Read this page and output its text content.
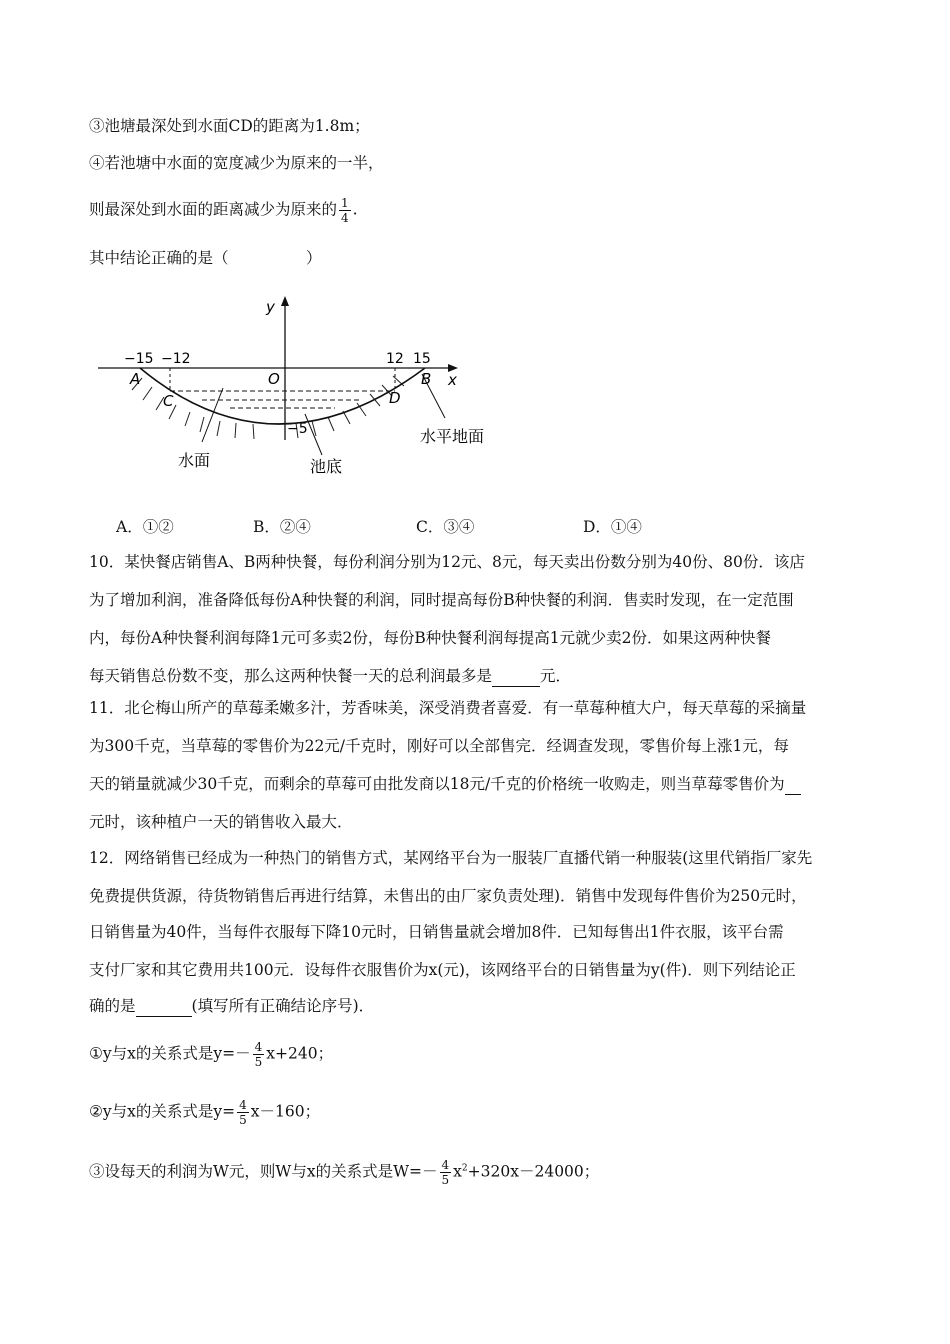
③池塘最深处到水面CD的距离为1.8m；
④若池塘中水面的宽度减少为原来的一半，
则最深处到水面的距离减少为原来的 $\frac{1}{4}$ .
其中结论正确的是（　　　　　）
y
x
−15 −12	12 15
A	B
C	D
O
−5
水面	池底
水平地面
A．①②	B．②④	C．③④	D．①④
10．某快餐店销售A、B两种快餐，每份利润分别为12元、8元，每天卖出份数分别为40份、80份．该店
为了增加利润，准备降低每份A种快餐的利润，同时提高每份B种快餐的利润．售卖时发现，在一定范围
内，每份A种快餐利润每降1元可多卖2份，每份B种快餐利润每提高1元就少卖2份．如果这两种快餐
每天销售总份数不变，那么这两种快餐一天的总利润最多是	元．
11．北仑梅山所产的草莓柔嫩多汁，芳香味美，深受消费者喜爱．有一草莓种植大户，每天草莓的采摘量
为300千克，当草莓的零售价为22元/千克时，刚好可以全部售完．经调查发现，零售价每上涨1元，每
天的销量就减少30千克，而剩余的草莓可由批发商以18元/千克的价格统一收购走，则当草莓零售价为
元时，该种植户一天的销售收入最大．
12．网络销售已经成为一种热门的销售方式，某网络平台为一服装厂直播代销一种服装(这里代销指厂家先
免费提供货源，待货物销售后再进行结算，未售出的由厂家负责处理)．销售中发现每件售价为250元时，
日销售量为40件，当每件衣服每下降10元时，日销售量就会增加8件．已知每售出1件衣服，该平台需
支付厂家和其它费用共100元．设每件衣服售价为x(元)，该网络平台的日销售量为y(件)．则下列结论正
确的是	(填写所有正确结论序号)．
①y与x的关系式是$y=- \frac{4}{5} x+240$；
②y与x的关系式是$y= \frac{4}{5} x-160$；
③设每天的利润为W元，则W与x的关系式是$W=- \frac{4}{5} x^2+320x-24000$；
